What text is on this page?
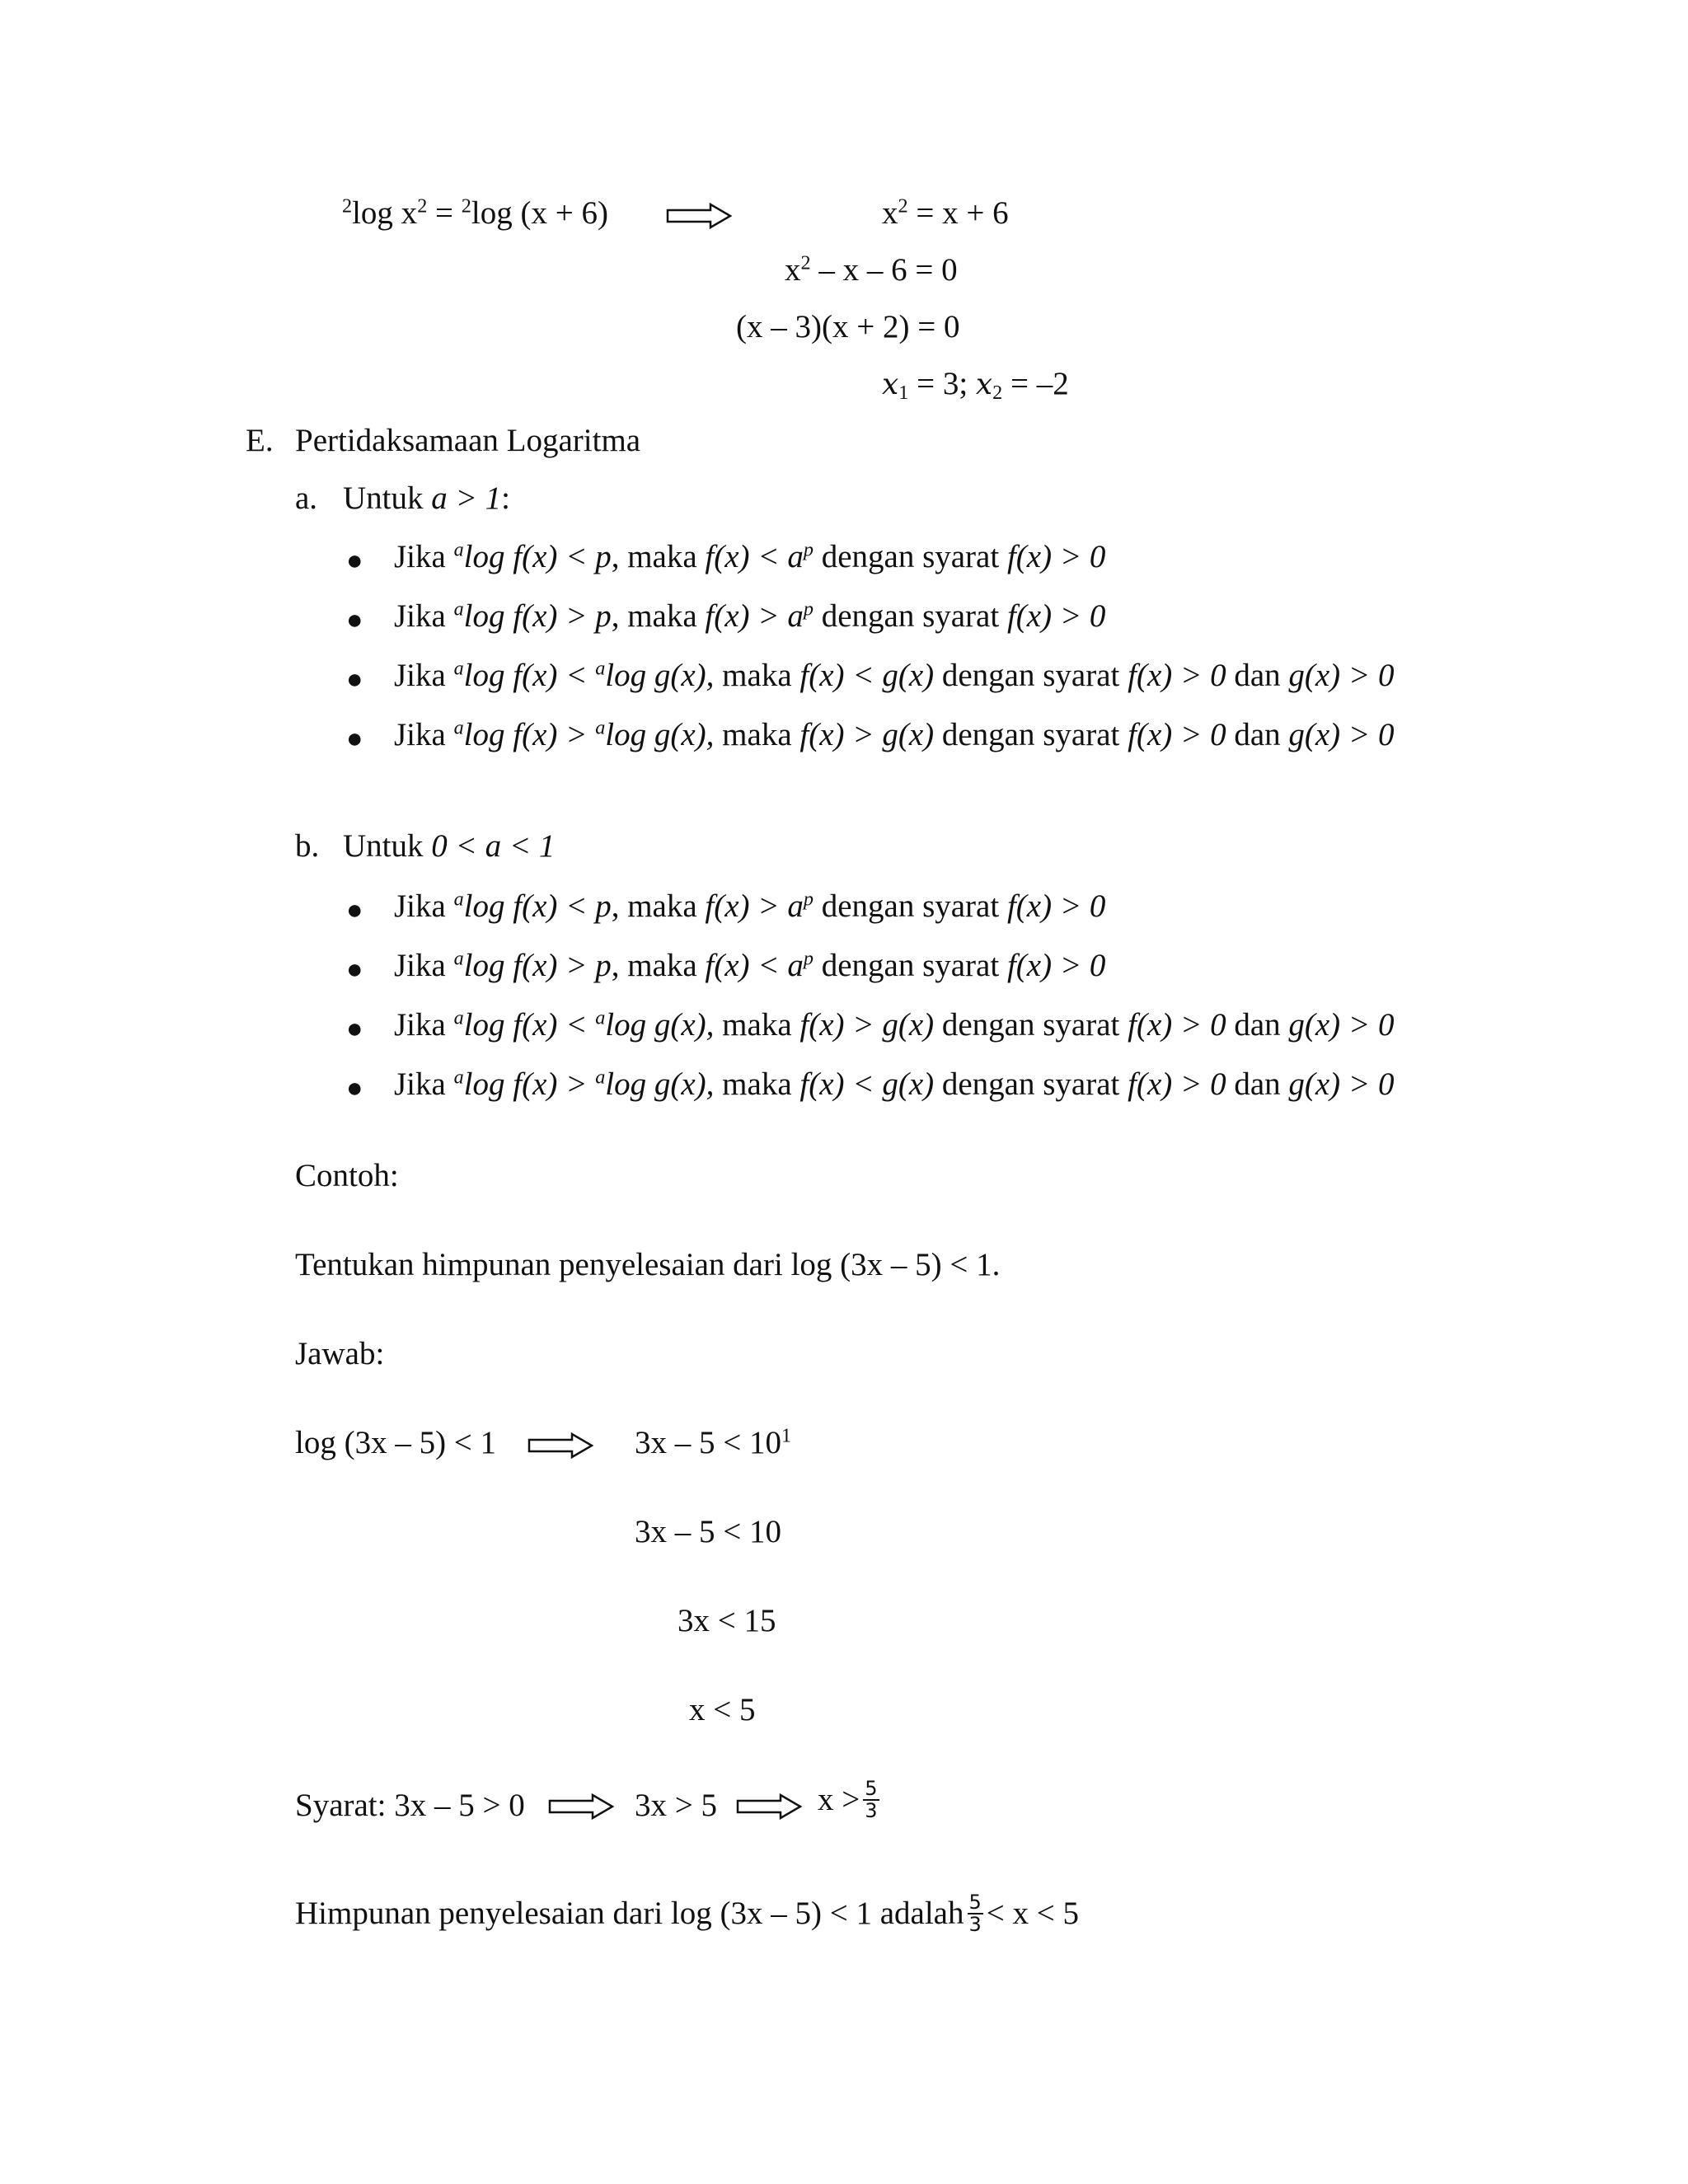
$^2$log $x^2 = ^2\log$ (x + 6)	$x^2 = x + 6$
$x^2 - x - 6 = 0$
(x – 3)(x + 2) = 0
$x_1 = 3$; $x_2 = -2$
E. Pertidaksamaan Logaritma
a. Untuk a > 1:
● Jika $^a$log f(x) < p, maka $f(x) < a^p$ dengan syarat f(x) > 0
● Jika $^a$log f(x) > p, maka $f(x) > a^p$ dengan syarat f(x) > 0
● Jika $^a$log f(x) < $^a$log g(x), maka f(x) < g(x) dengan syarat f(x) > 0 dan g(x) > 0
● Jika $^a$log f(x) > $^a$log g(x), maka f(x) > g(x) dengan syarat f(x) > 0 dan g(x) > 0
b. Untuk 0 < a < 1
● Jika $^a$log f(x) < p, maka $f(x) > a^p$ dengan syarat f(x) > 0
● Jika $^a$log f(x) > p, maka $f(x) < a^p$ dengan syarat f(x) > 0
● Jika $^a$log f(x) < $^a$log g(x), maka f(x) > g(x) dengan syarat f(x) > 0 dan g(x) > 0
● Jika $^a$log f(x) > $^a$log g(x), maka f(x) < g(x) dengan syarat f(x) > 0 dan g(x) > 0
Contoh:
Tentukan himpunan penyelesaian dari log (3x – 5) < 1.
Jawab:
log (3x – 5) < 1	$3x - 5 < 10^1$
3x – 5 < 10
3x < 15
x < 5
Syarat: 3x – 5 > 0	3x > 5	$x > \frac{5}{3}$
Himpunan penyelesaian dari log (3x – 5) < 1 adalah $\frac{5}{3} < x < 5$
